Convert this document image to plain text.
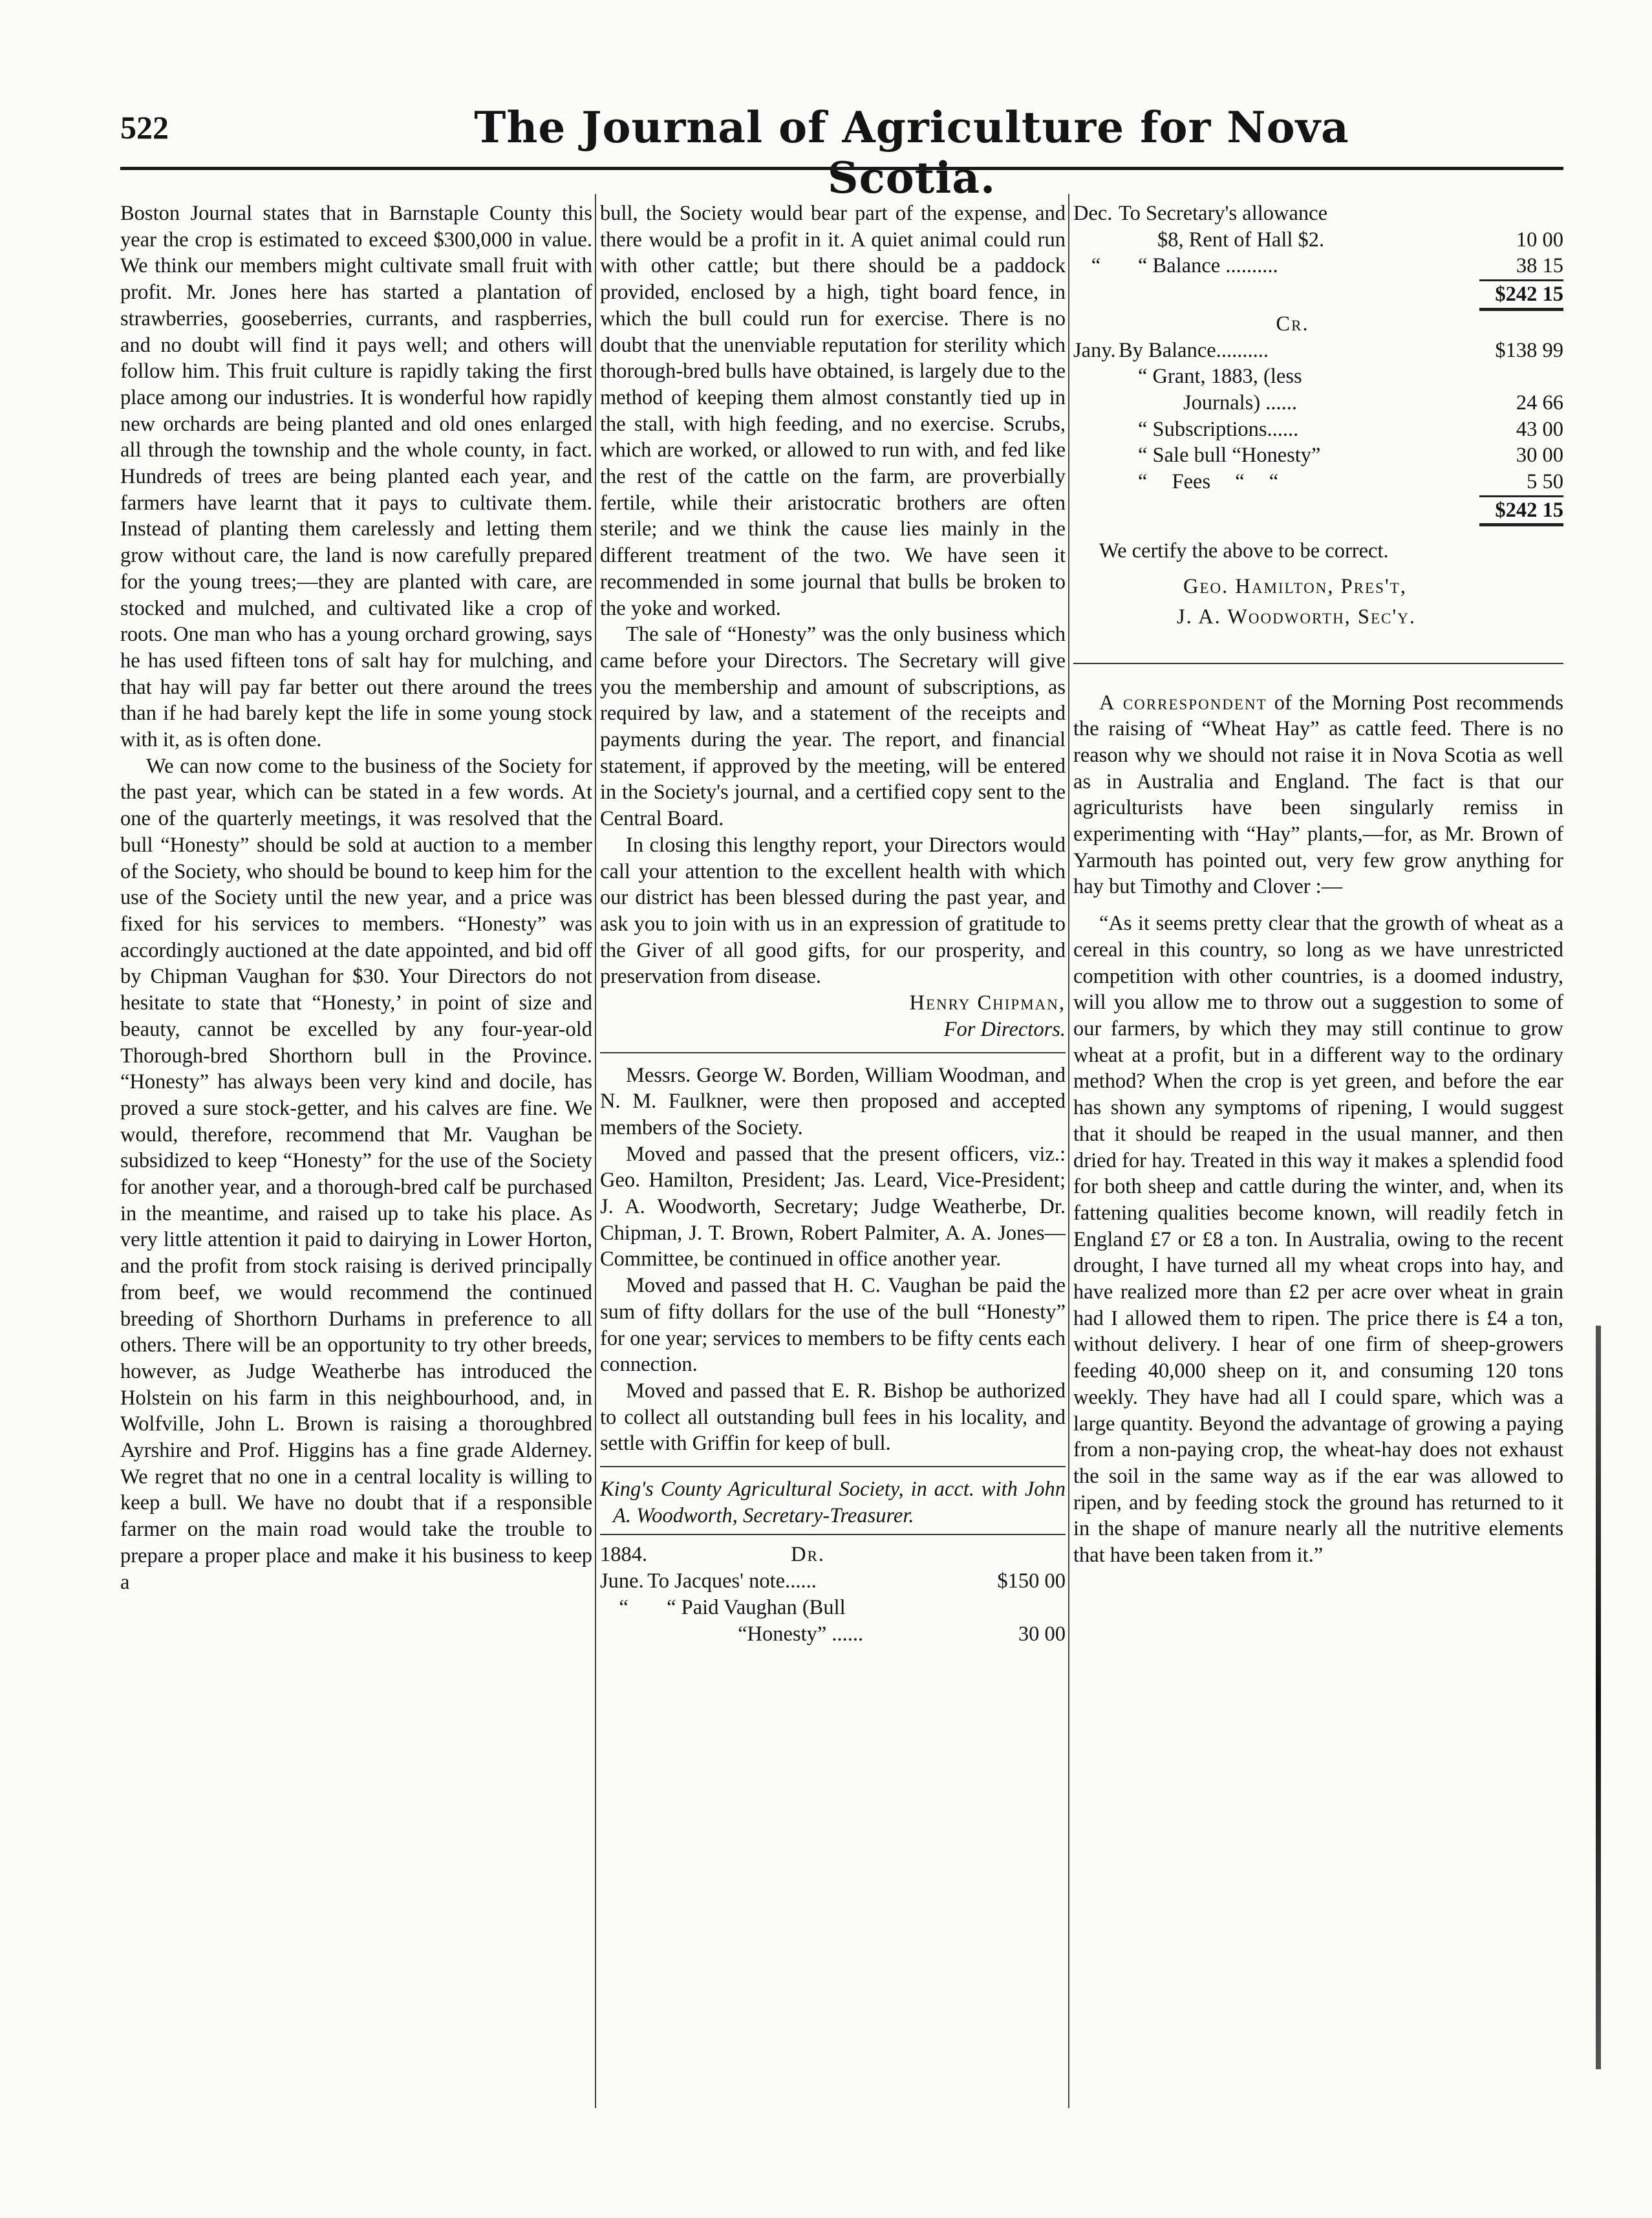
522	The Journal of Agriculture for Nova Scotia.

Boston Journal states that in Barnstaple County this year the crop is estimated to exceed $300,000 in value. We think our members might cultivate small fruit with profit. Mr. Jones here has started a plantation of strawberries, gooseberries, currants, and raspberries, and no doubt will find it pays well; and others will follow him. This fruit culture is rapidly taking the first place among our industries. It is wonderful how rapidly new orchards are being planted and old ones enlarged all through the township and the whole county, in fact. Hundreds of trees are being planted each year, and farmers have learnt that it pays to cultivate them. Instead of planting them carelessly and letting them grow without care, the land is now carefully prepared for the young trees;—they are planted with care, are stocked and mulched, and cultivated like a crop of roots. One man who has a young orchard growing, says he has used fifteen tons of salt hay for mulching, and that hay will pay far better out there around the trees than if he had barely kept the life in some young stock with it, as is often done.

We can now come to the business of the Society for the past year, which can be stated in a few words. At one of the quarterly meetings, it was resolved that the bull “Honesty” should be sold at auction to a member of the Society, who should be bound to keep him for the use of the Society until the new year, and a price was fixed for his services to members. “Honesty” was accordingly auctioned at the date appointed, and bid off by Chipman Vaughan for $30. Your Directors do not hesitate to state that “Honesty,’ in point of size and beauty, cannot be excelled by any four-year-old Thorough-bred Shorthorn bull in the Province. “Honesty” has always been very kind and docile, has proved a sure stock-getter, and his calves are fine. We would, therefore, recommend that Mr. Vaughan be subsidized to keep “Honesty” for the use of the Society for another year, and a thorough-bred calf be purchased in the meantime, and raised up to take his place. As very little attention it paid to dairying in Lower Horton, and the profit from stock raising is derived principally from beef, we would recommend the continued breeding of Shorthorn Durhams in preference to all others. There will be an opportunity to try other breeds, however, as Judge Weatherbe has introduced the Holstein on his farm in this neighbourhood, and, in Wolfville, John L. Brown is raising a thoroughbred Ayrshire and Prof. Higgins has a fine grade Alderney. We regret that no one in a central locality is willing to keep a bull. We have no doubt that if a responsible farmer on the main road would take the trouble to prepare a proper place and make it his business to keep a

bull, the Society would bear part of the expense, and there would be a profit in it. A quiet animal could run with other cattle; but there should be a paddock provided, enclosed by a high, tight board fence, in which the bull could run for exercise. There is no doubt that the unenviable reputation for sterility which thorough-bred bulls have obtained, is largely due to the method of keeping them almost constantly tied up in the stall, with high feeding, and no exercise. Scrubs, which are worked, or allowed to run with, and fed like the rest of the cattle on the farm, are proverbially fertile, while their aristocratic brothers are often sterile; and we think the cause lies mainly in the different treatment of the two. We have seen it recommended in some journal that bulls be broken to the yoke and worked.

The sale of “Honesty” was the only business which came before your Directors. The Secretary will give you the membership and amount of subscriptions, as required by law, and a statement of the receipts and payments during the year. The report, and financial statement, if approved by the meeting, will be entered in the Society's journal, and a certified copy sent to the Central Board.

In closing this lengthy report, your Directors would call your attention to the excellent health with which our district has been blessed during the past year, and ask you to join with us in an expression of gratitude to the Giver of all good gifts, for our prosperity, and preservation from disease.

Henry Chipman,
For Directors.

Messrs. George W. Borden, William Woodman, and N. M. Faulkner, were then proposed and accepted members of the Society.

Moved and passed that the present officers, viz.: Geo. Hamilton, President; Jas. Leard, Vice-President; J. A. Woodworth, Secretary; Judge Weatherbe, Dr. Chipman, J. T. Brown, Robert Palmiter, A. A. Jones—Committee, be continued in office another year.

Moved and passed that H. C. Vaughan be paid the sum of fifty dollars for the use of the bull “Honesty” for one year; services to members to be fifty cents each connection.

Moved and passed that E. R. Bishop be authorized to collect all outstanding bull fees in his locality, and settle with Griffin for keep of bull.

King's County Agricultural Society, in acct. with John A. Woodworth, Secretary-Treasurer.

1884.	Dr.	
June.	To Jacques' note......	$150 00
“	“ Paid Vaughan (Bull	
	“Honesty” ......	30 00
Dec.	To Secretary's allowance	
	$8, Rent of Hall $2.	10 00
“	“ Balance ..........	38 15

$242 15

	Cr.	
Jany.	By Balance..........	$138 99
	“ Grant, 1883, (less	
	Journals) ......	24 66
	“ Subscriptions......	43 00
	“ Sale bull “Honesty”	30 00
	“ Fees “ “	5 50

$242 15

We certify the above to be correct.

Geo. Hamilton, Pres't,
J. A. Woodworth, Sec'y.

A correspondent of the Morning Post recommends the raising of “Wheat Hay” as cattle feed. There is no reason why we should not raise it in Nova Scotia as well as in Australia and England. The fact is that our agriculturists have been singularly remiss in experimenting with “Hay” plants,—for, as Mr. Brown of Yarmouth has pointed out, very few grow anything for hay but Timothy and Clover :—

“As it seems pretty clear that the growth of wheat as a cereal in this country, so long as we have unrestricted competition with other countries, is a doomed industry, will you allow me to throw out a suggestion to some of our farmers, by which they may still continue to grow wheat at a profit, but in a different way to the ordinary method? When the crop is yet green, and before the ear has shown any symptoms of ripening, I would suggest that it should be reaped in the usual manner, and then dried for hay. Treated in this way it makes a splendid food for both sheep and cattle during the winter, and, when its fattening qualities become known, will readily fetch in England £7 or £8 a ton. In Australia, owing to the recent drought, I have turned all my wheat crops into hay, and have realized more than £2 per acre over wheat in grain had I allowed them to ripen. The price there is £4 a ton, without delivery. I hear of one firm of sheep-growers feeding 40,000 sheep on it, and consuming 120 tons weekly. They have had all I could spare, which was a large quantity. Beyond the advantage of growing a paying from a non-paying crop, the wheat-hay does not exhaust the soil in the same way as if the ear was allowed to ripen, and by feeding stock the ground has returned to it in the shape of manure nearly all the nutritive elements that have been taken from it.”
